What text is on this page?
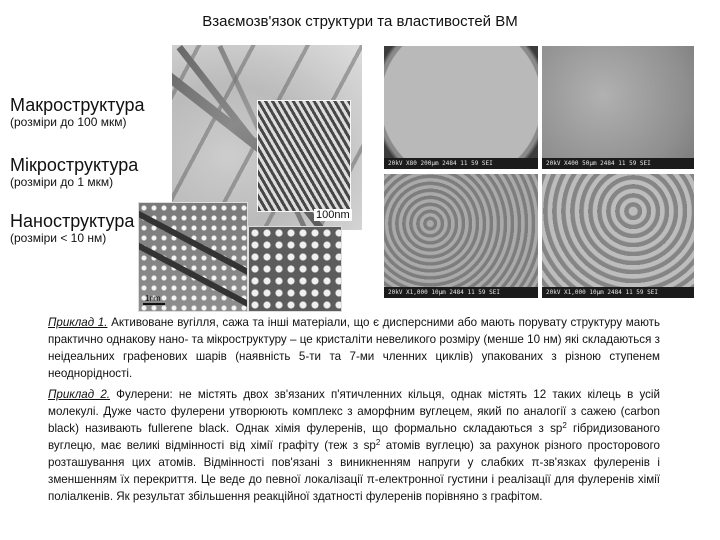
Взаємозв'язок структури та властивостей ВМ
Макроструктура
(розміри до 100 мкм)
Мікроструктура
(розміри до 1 мкм)
Наноструктура
(розміри < 10 нм)
100nm
1nm
20kV X80 200µm 2484 11 59 SEI	20kV X400 50µm 2484 11 59 SEI
20kV X1,000 10µm 2484 11 59 SEI	20kV X1,000 10µm 2484 11 59 SEI
Приклад 1. Активоване вугілля, сажа та інші матеріали, що є дисперсними або мають порувату структуру мають практично однакову нано- та мікроструктуру – це кристаліти невеликого розміру (менше 10 нм) які складаються з неідеальних графенових шарів (наявність 5-ти та 7-ми членних циклів) упакованих з різною ступенем неоднорідності.
Приклад 2. Фулерени: не містять двох зв'язаних п'ятичленних кільця, однак містять 12 таких кілець в усій молекулі. Дуже часто фулерени утворюють комплекс з аморфним вуглецем, який по аналогії з сажею (carbon black) називають fullerene black. Однак хімія фулеренів, що формально складаються з $sp^2$ гібридизованого вуглецю, має великі відмінності від хімії графіту (теж з $sp^2$ атомів вуглецю) за рахунок різного просторового розташування цих атомів. Відмінності пов'язані з виникненням напруги у слабких π-зв'язках фулеренів і зменшенням їх перекриття. Це веде до певної локалізації π-електронної густини і реалізації для фулеренів хімії поліалкенів. Як результат збільшення реакційної здатності фулеренів порівняно з графітом.
